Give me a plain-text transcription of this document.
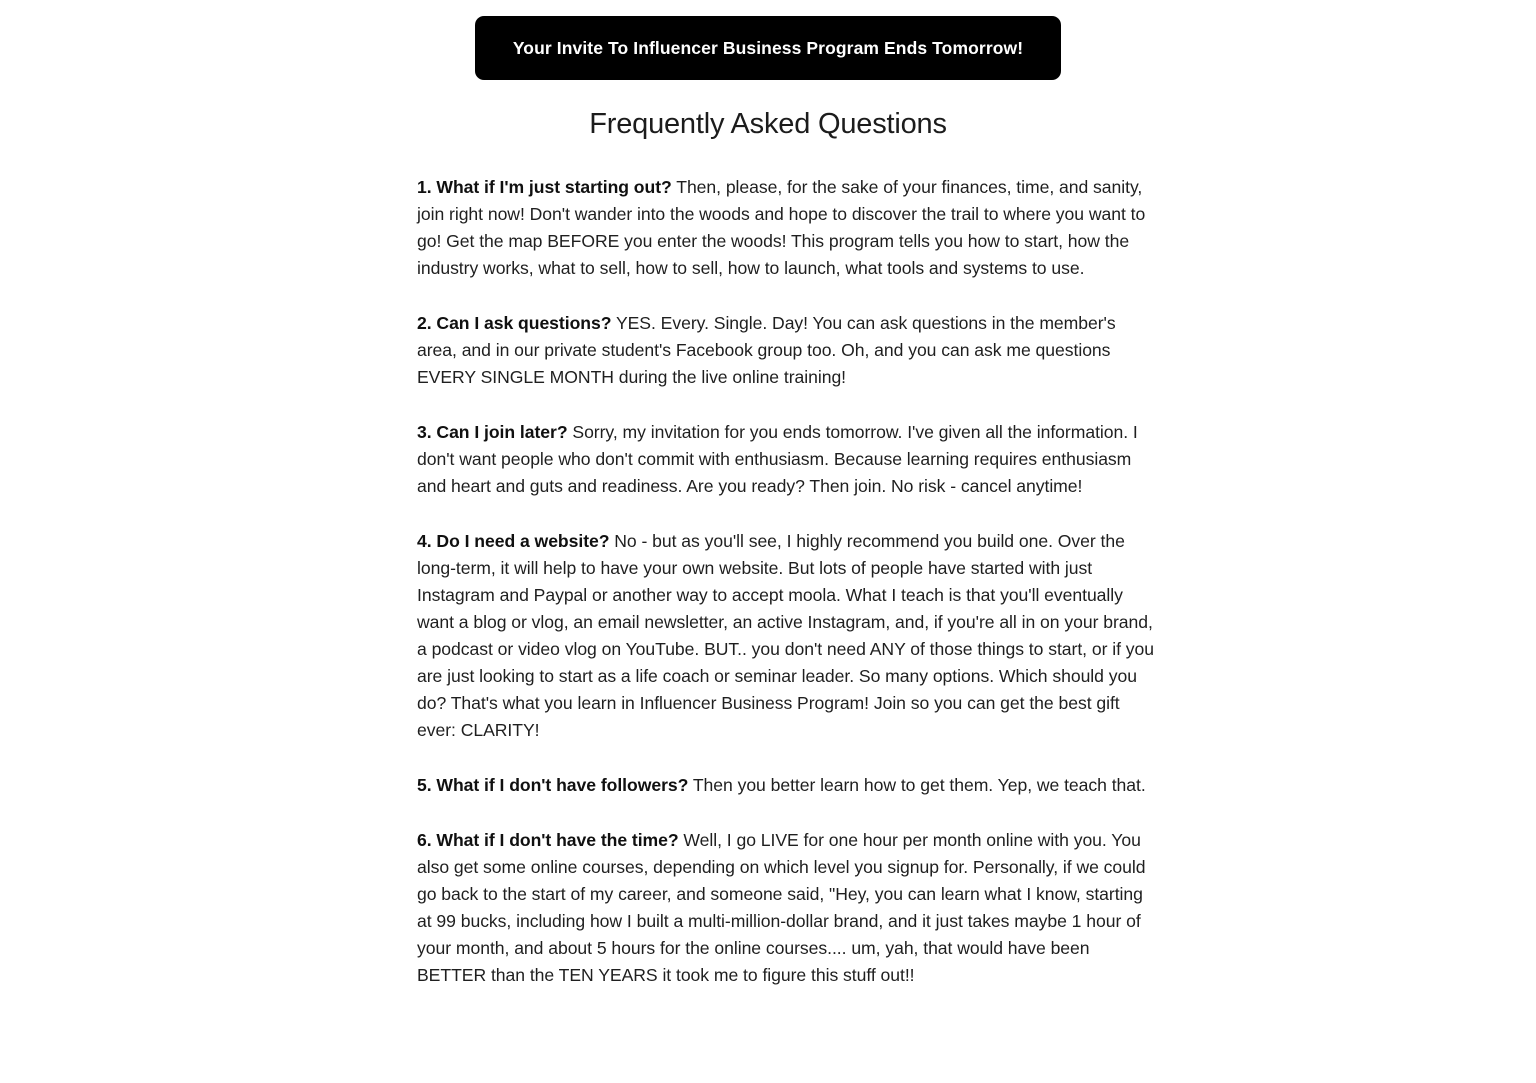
Your Invite To Influencer Business Program Ends Tomorrow!
Frequently Asked Questions

1. What if I'm just starting out? Then, please, for the sake of your finances, time, and sanity, join right now! Don't wander into the woods and hope to discover the trail to where you want to go! Get the map BEFORE you enter the woods! This program tells you how to start, how the industry works, what to sell, how to sell, how to launch, what tools and systems to use.

2. Can I ask questions? YES. Every. Single. Day! You can ask questions in the member's area, and in our private student's Facebook group too. Oh, and you can ask me questions EVERY SINGLE MONTH during the live online training!

3. Can I join later? Sorry, my invitation for you ends tomorrow. I've given all the information. I don't want people who don't commit with enthusiasm. Because learning requires enthusiasm and heart and guts and readiness. Are you ready? Then join. No risk - cancel anytime!

4. Do I need a website? No - but as you'll see, I highly recommend you build one. Over the long-term, it will help to have your own website. But lots of people have started with just Instagram and Paypal or another way to accept moola. What I teach is that you'll eventually want a blog or vlog, an email newsletter, an active Instagram, and, if you're all in on your brand, a podcast or video vlog on YouTube. BUT.. you don't need ANY of those things to start, or if you are just looking to start as a life coach or seminar leader. So many options. Which should you do? That's what you learn in Influencer Business Program! Join so you can get the best gift ever: CLARITY!

5. What if I don't have followers? Then you better learn how to get them. Yep, we teach that.

6. What if I don't have the time? Well, I go LIVE for one hour per month online with you. You also get some online courses, depending on which level you signup for. Personally, if we could go back to the start of my career, and someone said, "Hey, you can learn what I know, starting at 99 bucks, including how I built a multi-million-dollar brand, and it just takes maybe 1 hour of your month, and about 5 hours for the online courses.... um, yah, that would have been BETTER than the TEN YEARS it took me to figure this stuff out!!
